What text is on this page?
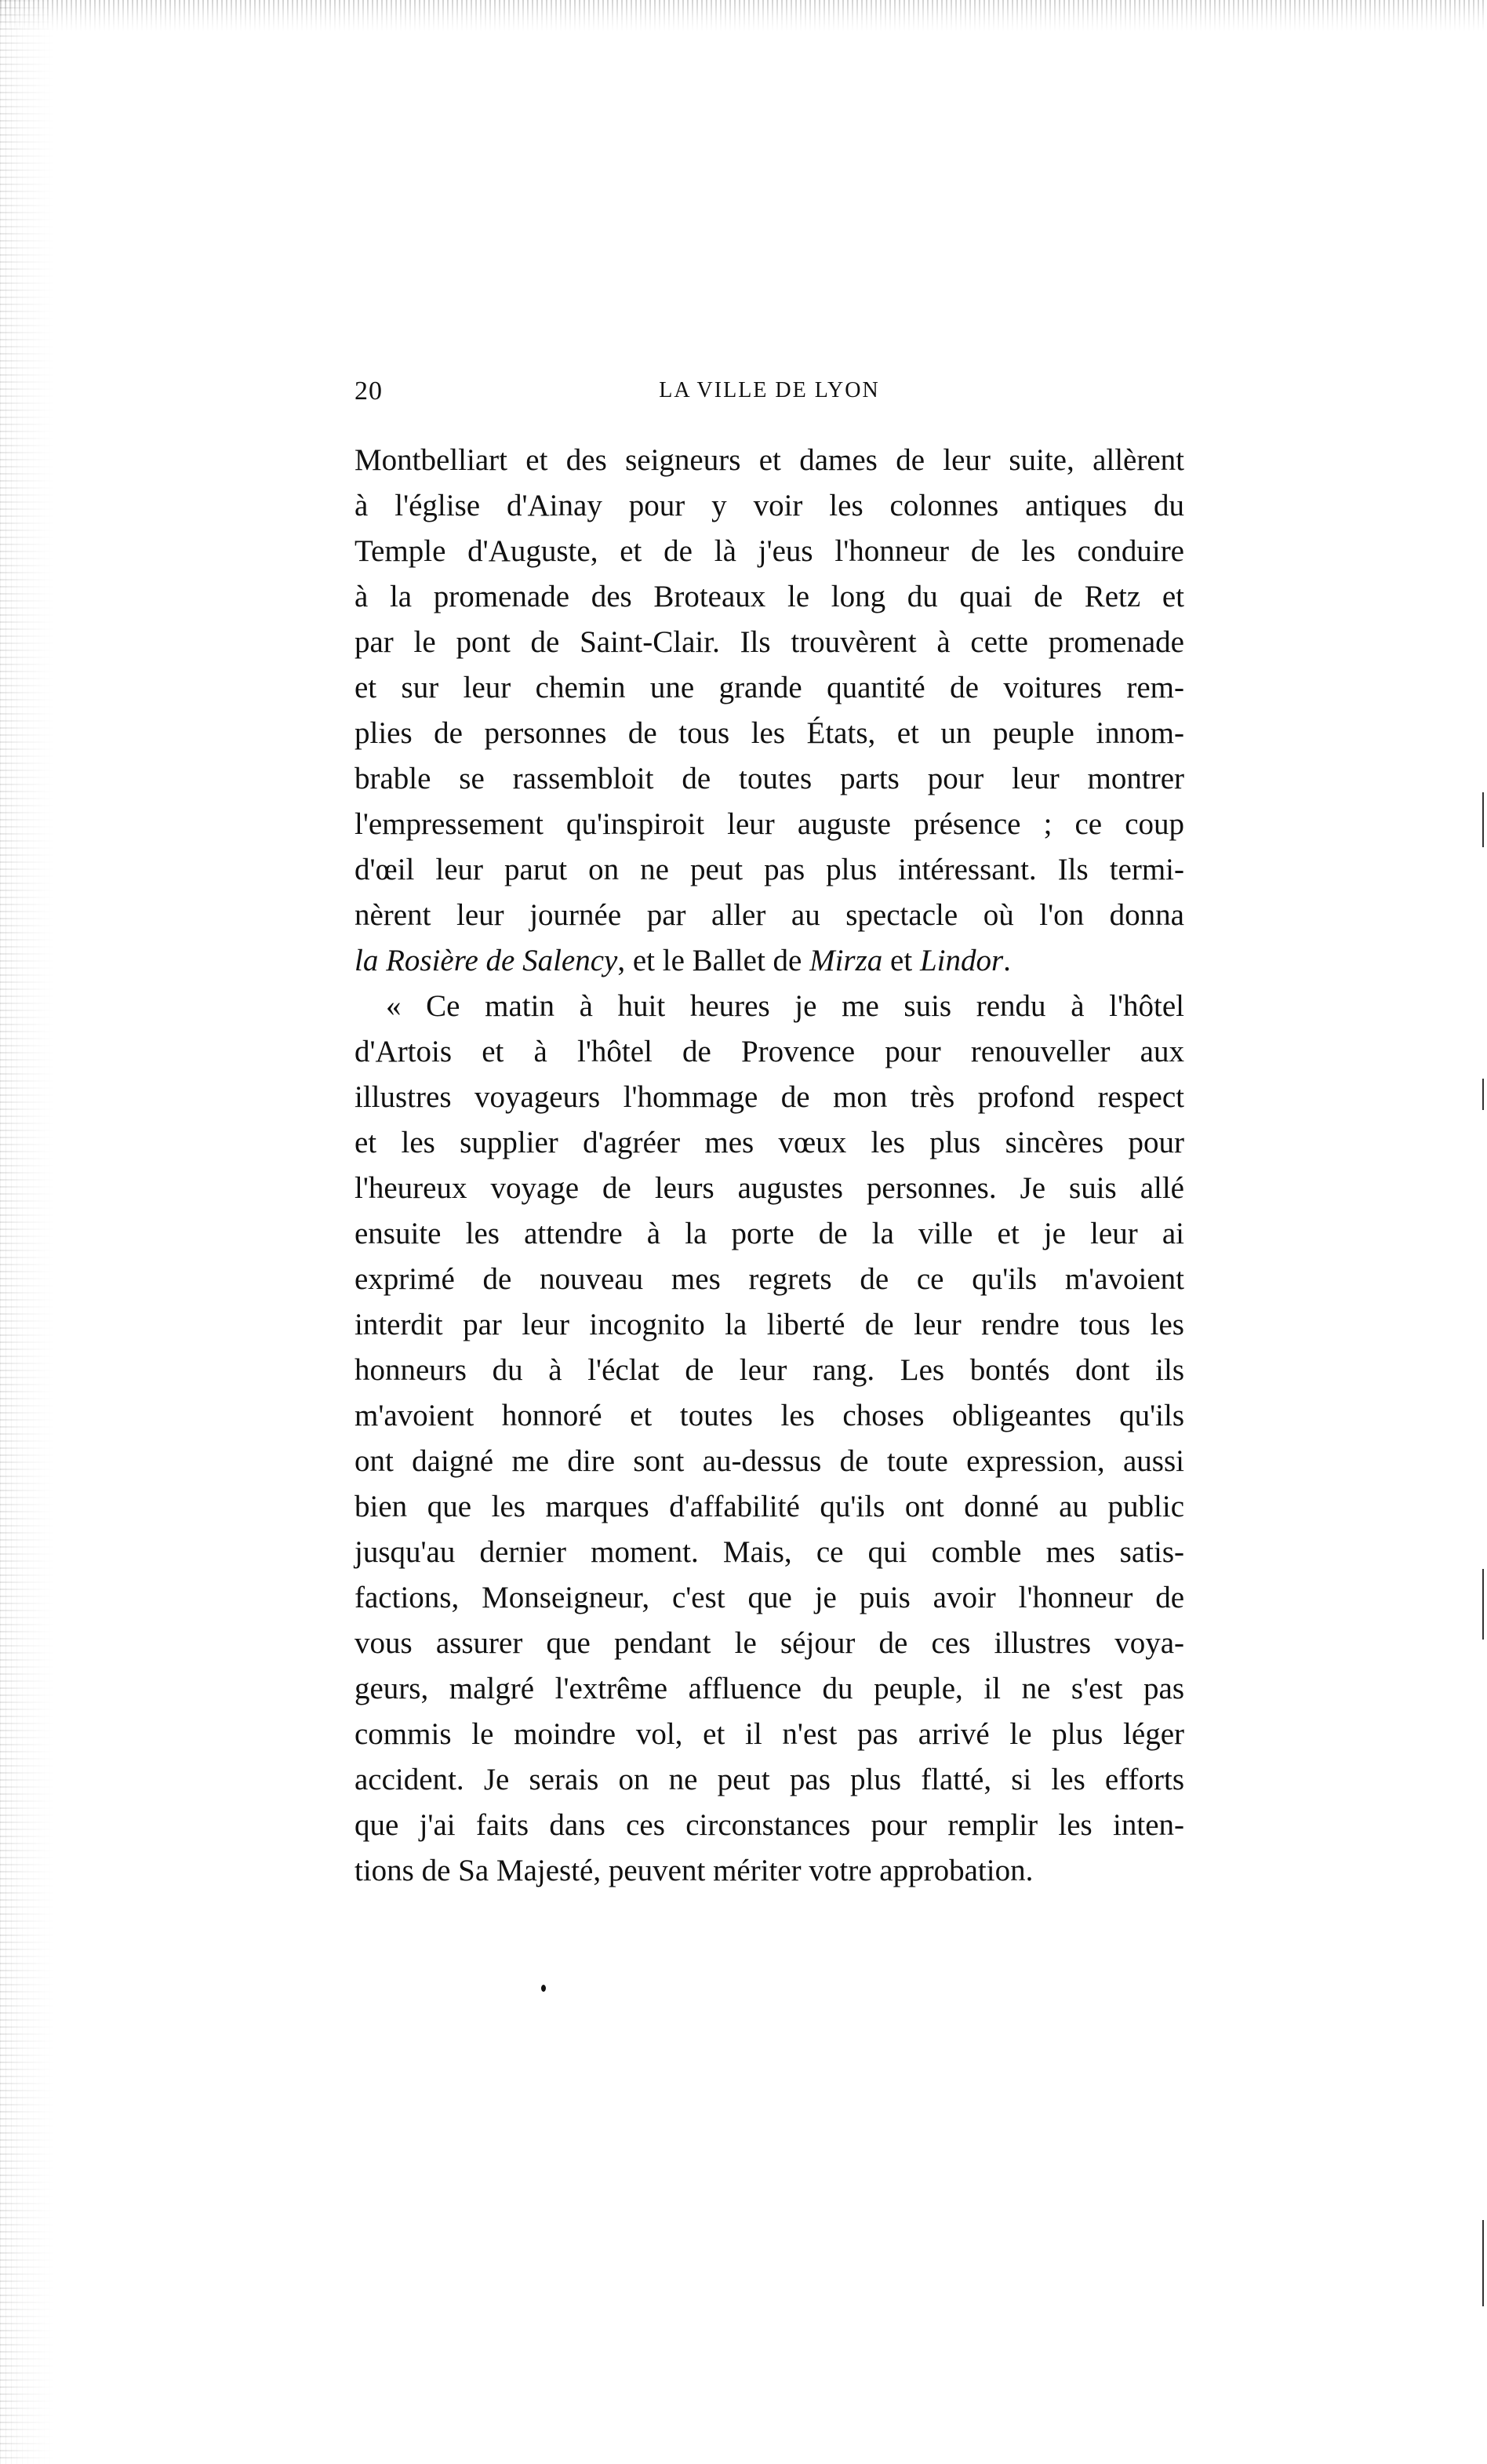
20	LA VILLE DE LYON
Montbelliart et des seigneurs et dames de leur suite, allèrent
à l'église d'Ainay pour y voir les colonnes antiques du
Temple d'Auguste, et de là j'eus l'honneur de les conduire
à la promenade des Broteaux le long du quai de Retz et
par le pont de Saint-Clair. Ils trouvèrent à cette promenade
et sur leur chemin une grande quantité de voitures rem-
plies de personnes de tous les États, et un peuple innom-
brable se rassembloit de toutes parts pour leur montrer
l'empressement qu'inspiroit leur auguste présence ; ce coup
d'œil leur parut on ne peut pas plus intéressant. Ils termi-
nèrent leur journée par aller au spectacle où l'on donna
la Rosière de Salency, et le Ballet de Mirza et Lindor.
« Ce matin à huit heures je me suis rendu à l'hôtel
d'Artois et à l'hôtel de Provence pour renouveller aux
illustres voyageurs l'hommage de mon très profond respect
et les supplier d'agréer mes vœux les plus sincères pour
l'heureux voyage de leurs augustes personnes. Je suis allé
ensuite les attendre à la porte de la ville et je leur ai
exprimé de nouveau mes regrets de ce qu'ils m'avoient
interdit par leur incognito la liberté de leur rendre tous les
honneurs du à l'éclat de leur rang. Les bontés dont ils
m'avoient honnoré et toutes les choses obligeantes qu'ils
ont daigné me dire sont au-dessus de toute expression, aussi
bien que les marques d'affabilité qu'ils ont donné au public
jusqu'au dernier moment. Mais, ce qui comble mes satis-
factions, Monseigneur, c'est que je puis avoir l'honneur de
vous assurer que pendant le séjour de ces illustres voya-
geurs, malgré l'extrême affluence du peuple, il ne s'est pas
commis le moindre vol, et il n'est pas arrivé le plus léger
accident. Je serais on ne peut pas plus flatté, si les efforts
que j'ai faits dans ces circonstances pour remplir les inten-
tions de Sa Majesté, peuvent mériter votre approbation.
